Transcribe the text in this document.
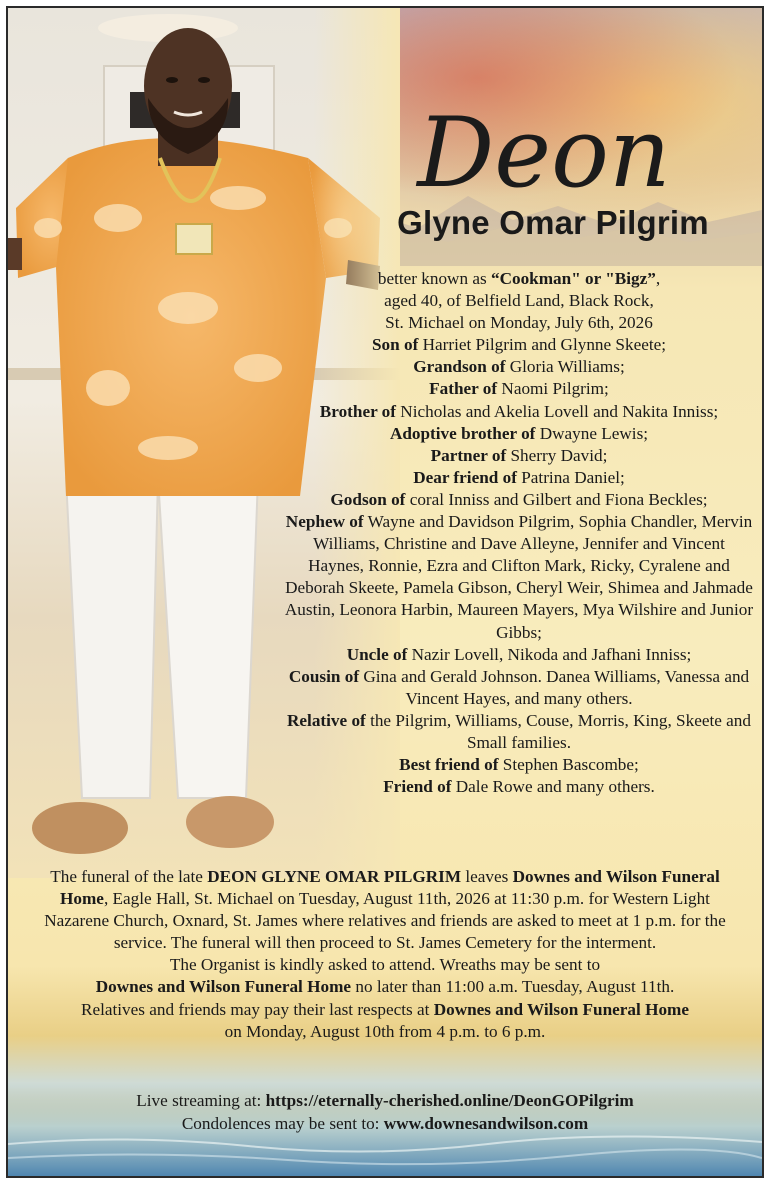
Deon
Glyne Omar Pilgrim

better known as “Cookman" or "Bigz”,

aged 40, of Belfield Land, Black Rock,

St. Michael on Monday, July 6th, 2026

Son of Harriet Pilgrim and Glynne Skeete;

Grandson of Gloria Williams;

Father of Naomi Pilgrim;

Brother of Nicholas and Akelia Lovell and Nakita Inniss;

Adoptive brother of Dwayne Lewis;

Partner of Sherry David;

Dear friend of Patrina Daniel;

Godson of coral Inniss and Gilbert and Fiona Beckles;

Nephew of Wayne and Davidson Pilgrim, Sophia Chandler, Mervin Williams, Christine and Dave Alleyne, Jennifer and Vincent Haynes, Ronnie, Ezra and Clifton Mark, Ricky, Cyralene and Deborah Skeete, Pamela Gibson, Cheryl Weir, Shimea and Jahmade Austin, Leonora Harbin, Maureen Mayers, Mya Wilshire and Junior Gibbs;

Uncle of Nazir Lovell, Nikoda and Jafhani Inniss;

Cousin of Gina and Gerald Johnson. Danea Williams, Vanessa and Vincent Hayes, and many others.

Relative of the Pilgrim, Williams, Couse, Morris, King, Skeete and Small families.

Best friend of Stephen Bascombe;

Friend of Dale Rowe and many others.

The funeral of the late DEON GLYNE OMAR PILGRIM leaves Downes and Wilson Funeral Home, Eagle Hall, St. Michael on Tuesday, August 11th, 2026 at 11:30 p.m. for Western Light Nazarene Church, Oxnard, St. James where relatives and friends are asked to meet at 1 p.m. for the service. The funeral will then proceed to St. James Cemetery for the interment.

The Organist is kindly asked to attend. Wreaths may be sent to

Downes and Wilson Funeral Home no later than 11:00 a.m. Tuesday, August 11th.

Relatives and friends may pay their last respects at Downes and Wilson Funeral Home

on Monday, August 10th from 4 p.m. to 6 p.m.

Live streaming at: https://eternally-cherished.online/DeonGOPilgrim

Condolences may be sent to: www.downesandwilson.com
